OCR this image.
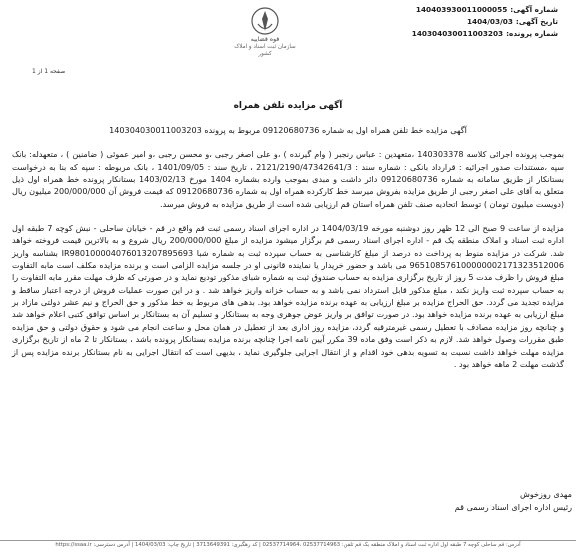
شماره آگهی:140403930011000055
تاریخ آگهی:1404/03/03
شماره پرونده:140304030011003203
قوه قضاییه
سازمان ثبت اسناد و املاک کشور
صفحه 1 از 1
آگهی مزایده تلفن همراه

آگهی مزایده خط تلفن همراه اول به شماره 09120680736 مربوط به پرونده 140304030011003203

بموجب پرونده اجرائی کلاسه 140303378 ،متعهدین : عباس رنجبر ( وام گیرنده ) ،و علی اصغر رجبی ،و محسن رجبی ،و امیر عموئی ( ضامنین ) ، متعهدله: بانک سپه ،مستندات صدور اجرائیه : قرارداد بانکی : شماره سند : 2121/2190/47342641/3 ، تاریخ سند : 1401/09/05 ، بانک مربوطه : سپه که بنا به درخواست بستانکار از طریق سامانه به شماره 09120680736 دائر داشت و مبدی بموجب وارده بشماره 1404 مورخ 1403/02/13 بستانکار پرونده خط همراه اول ذیل متعلق به آقای علی اصغر رجبی از طریق مزایده بفروش میرسد خط کارکرده همراه اول به شماره 09120680736 که قیمت فروش آن 200/000/000 میلیون ریال (دویست میلیون تومان ) توسط اتحادیه صنف تلفن همراه استان قم ارزیابی شده است از طریق مزایده به فروش میرسد.

مزایده از ساعت 9 صبح الی 12 ظهر روز دوشنبه مورخه 1404/03/19 در اداره اجرای اسناد رسمی ثبت قم واقع در قم - خیابان ساحلی - نبش کوچه 7 طبقه اول اداره ثبت اسناد و املاک منطقه یک قم - اداره اجرای اسناد رسمی قم برگزار میشود مزایده از مبلغ 200/000/000 ریال شروع و به بالاترین قیمت فروخته خواهد شد. شرکت در مزایده منوط به پرداخت ده درصد از مبلغ کارشناسی به حساب سپرده ثبت به شماره شبا IR980100004076013207895693 بشناسه واریز 965108576100000002171323512006 می باشد و حضور خریدار یا نماینده قانونی او در جلسه مزایده الزامی است و برنده مزایده مکلف است مابه التفاوت مبلغ فروش را ظرف مدت 5 روز از تاریخ برگزاری مزایده به حساب صندوق ثبت به شماره شبای مذکور تودیع نماید و در صورتی که ظرف مهلت مقرر مابه التفاوت را به حساب سپرده ثبت واریز نکند ، مبلغ مذکور قابل استرداد نمی باشد و به حساب خزانه واریز خواهد شد . و در این صورت عملیات فروش از درجه اعتبار ساقط و مزایده تجدید می گردد. حق الحراج مزایده بر مبلغ ارزیابی به عهده برنده مزایده خواهد بود. بدهی های مربوط به خط مذکور و حق الحراج و نیم عشر دولتی مازاد بر مبلغ ارزیابی به عهده برنده مزایده خواهد بود. در صورت توافق بر واریز عوض جوهری وجه به بستانکار و تسلیم آن به بستانکار بر اساس توافق کتبی اعلام خواهد شد و چنانچه روز مزایده مصادف با تعطیل رسمی غیرمترقبه گردد، مزایده روز اداری بعد از تعطیل در همان محل و ساعت انجام می شود و حقوق دولتی و حق مزایده طبق مقررات وصول خواهد شد. لازم به ذکر است وفق ماده 39 مکرر آیین نامه اجرا چنانچه برنده مزایده بستانکار پرونده باشد ، بستانکار تا 2 ماه از تاریخ برگزاری مزایده مهلت خواهد داشت نسبت به تسویه بدهی خود اقدام و از انتقال اجرایی جلوگیری نماید ، بدیهی است که انتقال اجرایی به نام بستانکار برنده مزایده پس از گذشت مهلت 2 ماهه خواهد بود .

مهدی روزخوش
رئیس اداره اجرای اسناد رسمی قم
آدرس: قم ساحلی کوچه 7 طبقه اول اداره ثبت اسناد و املاک منطقه یک قم تلفن: 02537714963 ،02537714964 | کد رهگیری: 3713649391 | تاریخ چاپ: 1404/03/03 | آدرس دسترسی: https://ssaa.ir
